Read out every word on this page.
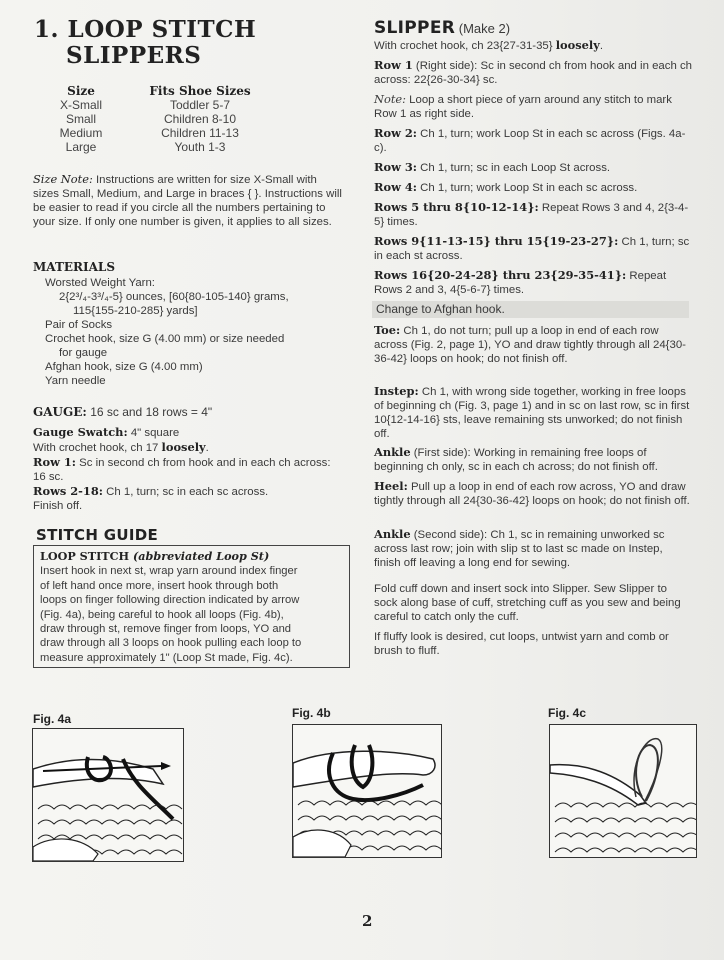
1. LOOP STITCH
SLIPPERS
Size
X-Small
Small
Medium
Large
Fits Shoe Sizes
Toddler 5-7
Children 8-10
Children 11-13
Youth 1-3
Size Note: Instructions are written for size X-Small with sizes Small, Medium, and Large in braces { }. Instructions will be easier to read if you circle all the numbers pertaining to your size. If only one number is given, it applies to all sizes.
MATERIALS
Worsted Weight Yarn:
2{2³/₄-3³/₄-5} ounces, [60{80-105-140} grams,
115{155-210-285} yards]
Pair of Socks
Crochet hook, size G (4.00 mm) or size needed
for gauge
Afghan hook, size G (4.00 mm)
Yarn needle
GAUGE: 16 sc and 18 rows = 4"
Gauge Swatch: 4" square
With crochet hook, ch 17 loosely.
Row 1: Sc in second ch from hook and in each ch across: 16 sc.
Rows 2-18: Ch 1, turn; sc in each sc across.
Finish off.
STITCH GUIDE
LOOP STITCH (abbreviated Loop St)
Insert hook in next st, wrap yarn around index finger
of left hand once more, insert hook through both
loops on finger following direction indicated by arrow
(Fig. 4a), being careful to hook all loops (Fig. 4b),
draw through st, remove finger from loops, YO and
draw through all 3 loops on hook pulling each loop to
measure approximately 1" (Loop St made, Fig. 4c).
SLIPPER (Make 2)
With crochet hook, ch 23{27-31-35} loosely.
Row 1 (Right side): Sc in second ch from hook and in each ch across: 22{26-30-34} sc.
Note: Loop a short piece of yarn around any stitch to mark Row 1 as right side.
Row 2: Ch 1, turn; work Loop St in each sc across (Figs. 4a-c).
Row 3: Ch 1, turn; sc in each Loop St across.
Row 4: Ch 1, turn; work Loop St in each sc across.
Rows 5 thru 8{10-12-14}: Repeat Rows 3 and 4, 2{3-4-5} times.
Rows 9{11-13-15} thru 15{19-23-27}: Ch 1, turn; sc in each st across.
Rows 16{20-24-28} thru 23{29-35-41}: Repeat Rows 2 and 3, 4{5-6-7} times.
Change to Afghan hook.
Toe: Ch 1, do not turn; pull up a loop in end of each row across (Fig. 2, page 1), YO and draw tightly through all 24{30-36-42} loops on hook; do not finish off.
Instep: Ch 1, with wrong side together, working in free loops of beginning ch (Fig. 3, page 1) and in sc on last row, sc in first 10{12-14-16} sts, leave remaining sts unworked; do not finish off.
Ankle (First side): Working in remaining free loops of beginning ch only, sc in each ch across; do not finish off.
Heel: Pull up a loop in end of each row across, YO and draw tightly through all 24{30-36-42} loops on hook; do not finish off.
Ankle (Second side): Ch 1, sc in remaining unworked sc across last row; join with slip st to last sc made on Instep, finish off leaving a long end for sewing.
Fold cuff down and insert sock into Slipper. Sew Slipper to sock along base of cuff, stretching cuff as you sew and being careful to catch only the cuff.
If fluffy look is desired, cut loops, untwist yarn and comb or brush to fluff.
Fig. 4a	Fig. 4b	Fig. 4c
2
